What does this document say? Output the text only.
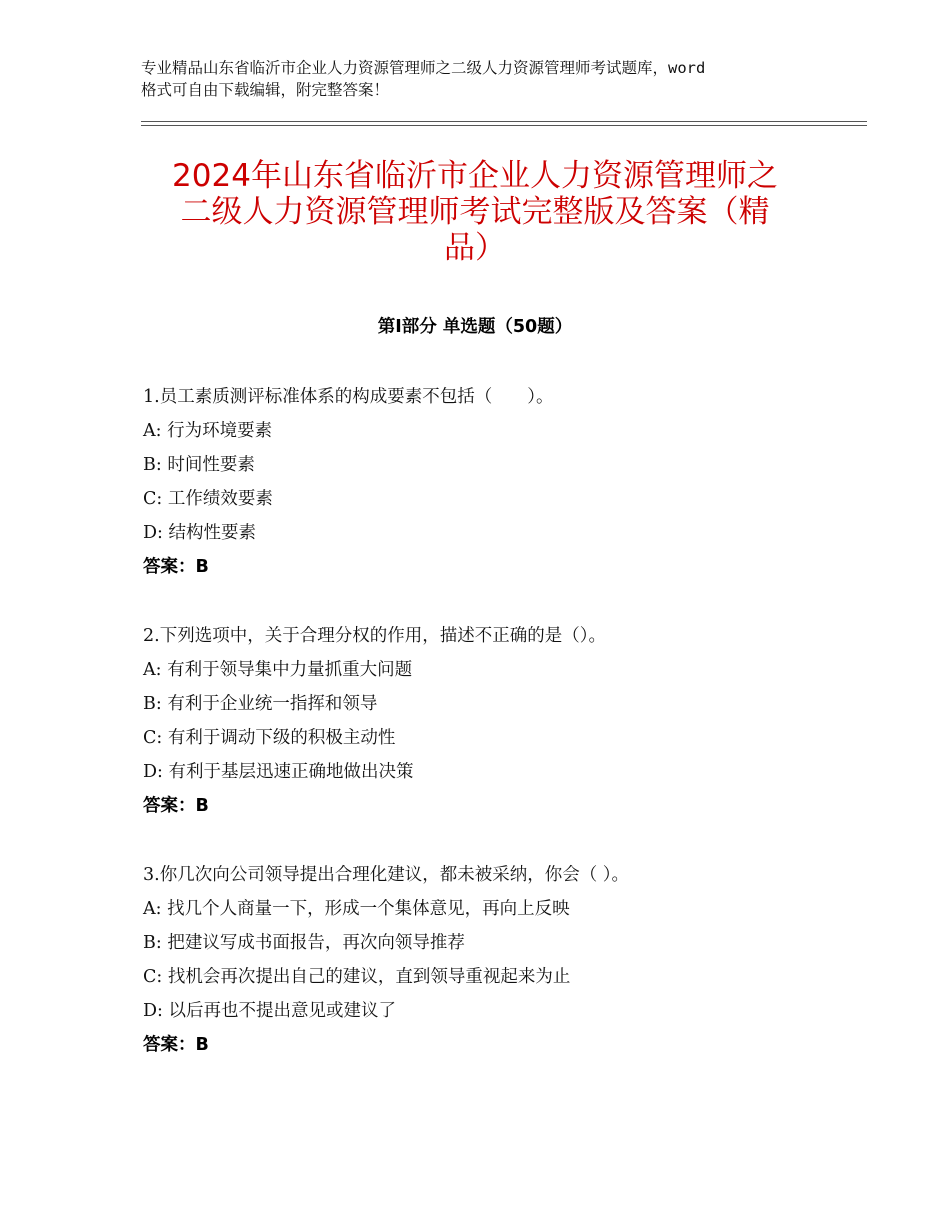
专业精品山东省临沂市企业人力资源管理师之二级人力资源管理师考试题库，word
格式可自由下载编辑，附完整答案！
2024年山东省临沂市企业人力资源管理师之
二级人力资源管理师考试完整版及答案（精
品）
第Ⅰ部分 单选题（50题）
1.员工素质测评标准体系的构成要素不包括（　　）。
A: 行为环境要素
B: 时间性要素
C: 工作绩效要素
D: 结构性要素
答案：B
2.下列选项中，关于合理分权的作用，描述不正确的是（）。
A: 有利于领导集中力量抓重大问题
B: 有利于企业统一指挥和领导
C: 有利于调动下级的积极主动性
D: 有利于基层迅速正确地做出决策
答案：B
3.你几次向公司领导提出合理化建议，都未被采纳，你会（ ）。
A: 找几个人商量一下，形成一个集体意见，再向上反映
B: 把建议写成书面报告，再次向领导推荐
C: 找机会再次提出自己的建议，直到领导重视起来为止
D: 以后再也不提出意见或建议了
答案：B
